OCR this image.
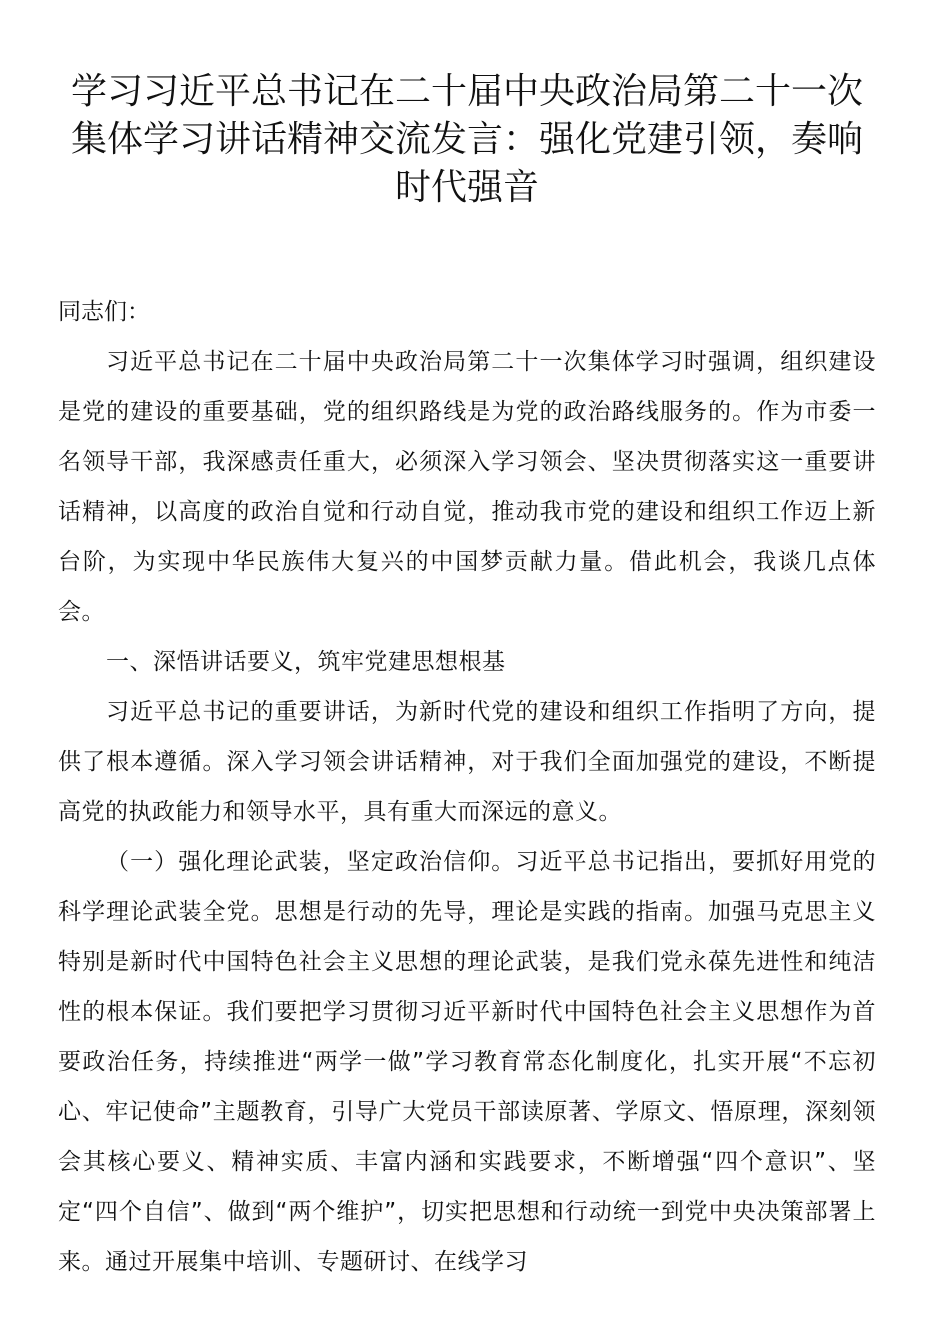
学习习近平总书记在二十届中央政治局第二十一次集体学习讲话精神交流发言：强化党建引领，奏响时代强音

同志们：

习近平总书记在二十届中央政治局第二十一次集体学习时强调，组织建设是党的建设的重要基础，党的组织路线是为党的政治路线服务的。作为市委一名领导干部，我深感责任重大，必须深入学习领会、坚决贯彻落实这一重要讲话精神，以高度的政治自觉和行动自觉，推动我市党的建设和组织工作迈上新台阶，为实现中华民族伟大复兴的中国梦贡献力量。借此机会，我谈几点体会。

一、深悟讲话要义，筑牢党建思想根基

习近平总书记的重要讲话，为新时代党的建设和组织工作指明了方向，提供了根本遵循。深入学习领会讲话精神，对于我们全面加强党的建设，不断提高党的执政能力和领导水平，具有重大而深远的意义。

（一）强化理论武装，坚定政治信仰。习近平总书记指出，要抓好用党的科学理论武装全党。思想是行动的先导，理论是实践的指南。加强马克思主义特别是新时代中国特色社会主义思想的理论武装，是我们党永葆先进性和纯洁性的根本保证。我们要把学习贯彻习近平新时代中国特色社会主义思想作为首要政治任务，持续推进“两学一做”学习教育常态化制度化，扎实开展“不忘初心、牢记使命”主题教育，引导广大党员干部读原著、学原文、悟原理，深刻领会其核心要义、精神实质、丰富内涵和实践要求，不断增强“四个意识”、坚定“四个自信”、做到“两个维护”，切实把思想和行动统一到党中央决策部署上来。通过开展集中培训、专题研讨、在线学习
